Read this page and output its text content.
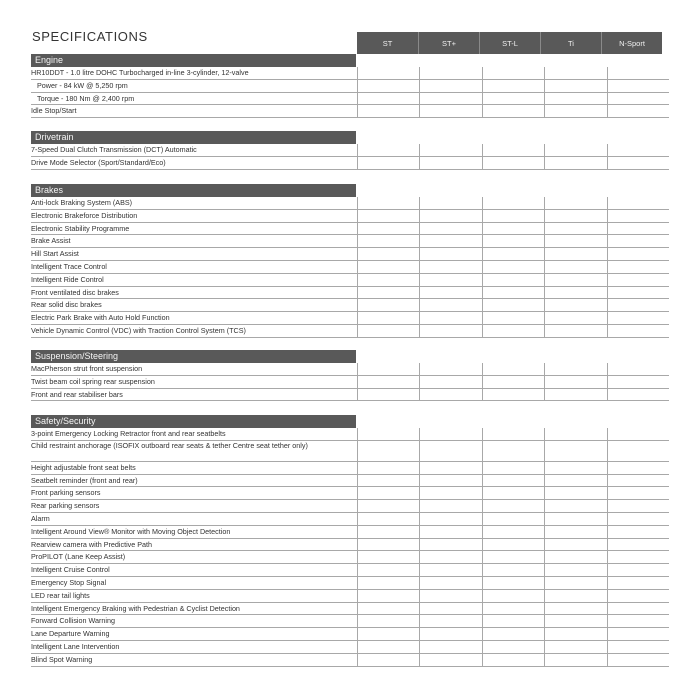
SPECIFICATIONS	ST	ST+	ST-L	Ti	N-Sport
Engine
HR10DDT - 1.0 litre DOHC Turbocharged in-line 3-cylinder, 12-valve
Power - 84 kW @ 5,250 rpm
Torque - 180 Nm @ 2,400 rpm
Idle Stop/Start
Drivetrain
7-Speed Dual Clutch Transmission (DCT) Automatic
Drive Mode Selector (Sport/Standard/Eco)
Brakes
Anti-lock Braking System (ABS)
Electronic Brakeforce Distribution
Electronic Stability Programme
Brake Assist
Hill Start Assist
Intelligent Trace Control
Intelligent Ride Control
Front ventilated disc brakes
Rear solid disc brakes
Electric Park Brake with Auto Hold Function
Vehicle Dynamic Control (VDC) with Traction Control System (TCS)
Suspension/Steering
MacPherson strut front suspension
Twist beam coil spring rear suspension
Front and rear stabiliser bars
Safety/Security
3-point Emergency Locking Retractor front and rear seatbelts
Child restraint anchorage (ISOFIX outboard rear seats & tether Centre seat tether only)
Height adjustable front seat belts
Seatbelt reminder (front and rear)
Front parking sensors
Rear parking sensors
Alarm
Intelligent Around View® Monitor with Moving Object Detection
Rearview camera with Predictive Path
ProPILOT (Lane Keep Assist)
Intelligent Cruise Control
Emergency Stop Signal
LED rear tail lights
Intelligent Emergency Braking with Pedestrian & Cyclist Detection
Forward Collision Warning
Lane Departure Warning
Intelligent Lane Intervention
Blind Spot Warning
